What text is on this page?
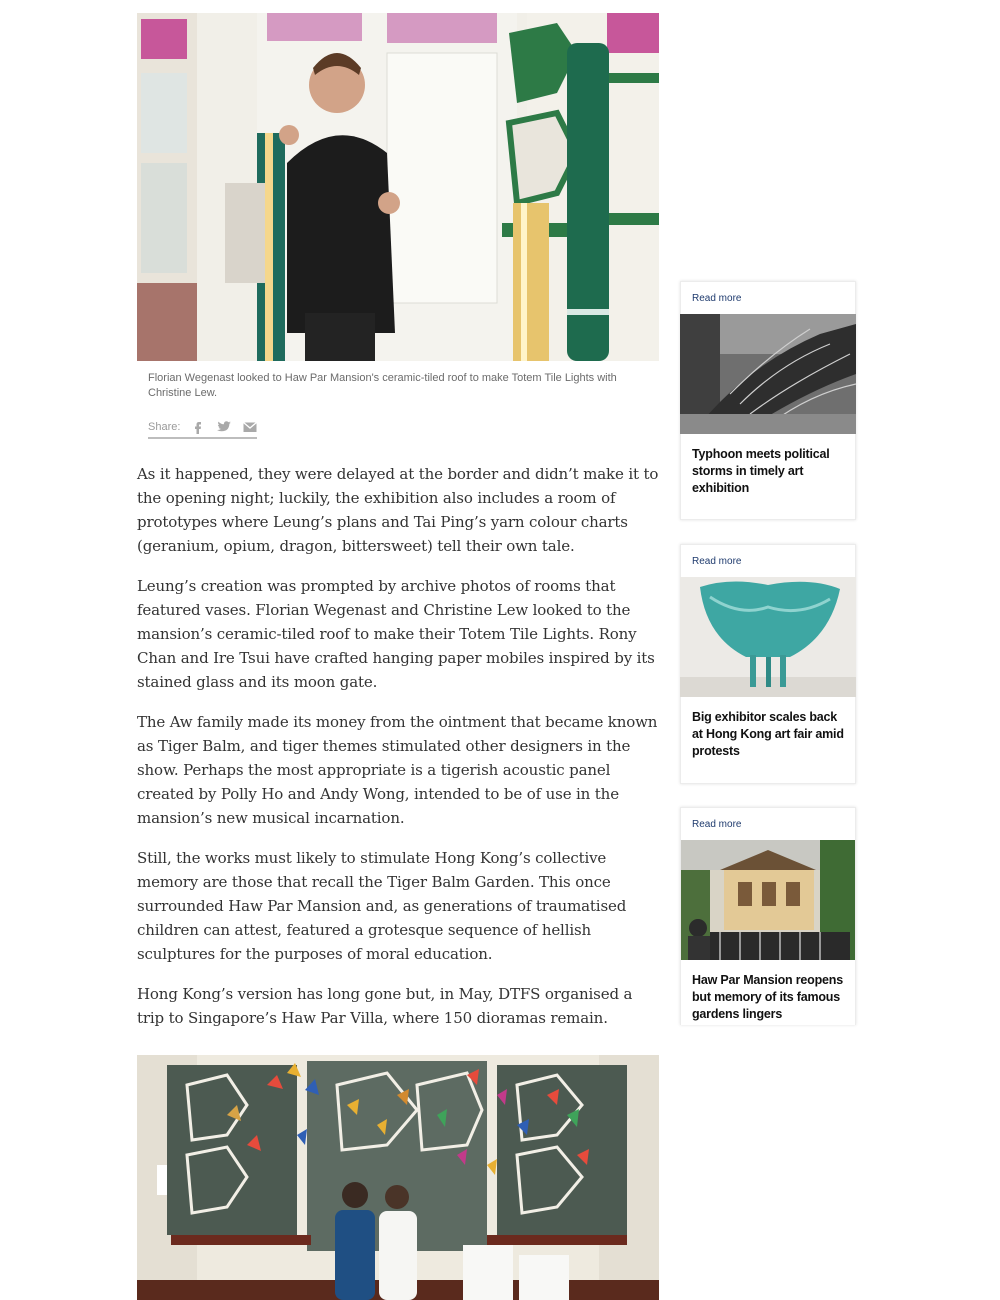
Florian Wegenast looked to Haw Par Mansion's ceramic-tiled roof to make Totem Tile Lights with Christine Lew.
Share:

As it happened, they were delayed at the border and didn’t make it to the opening night; luckily, the exhibition also includes a room of prototypes where Leung’s plans and Tai Ping’s yarn colour charts (geranium, opium, dragon, bittersweet) tell their own tale.

Leung’s creation was prompted by archive photos of rooms that featured vases. Florian Wegenast and Christine Lew looked to the mansion’s ceramic-tiled roof to make their Totem Tile Lights. Rony Chan and Ire Tsui have crafted hanging paper mobiles inspired by its stained glass and its moon gate.

The Aw family made its money from the ointment that became known as Tiger Balm, and tiger themes stimulated other designers in the show. Perhaps the most appropriate is a tigerish acoustic panel created by Polly Ho and Andy Wong, intended to be of use in the mansion’s new musical incarnation.

Still, the works must likely to stimulate Hong Kong’s collective memory are those that recall the Tiger Balm Garden. This once surrounded Haw Par Mansion and, as generations of traumatised children can attest, featured a grotesque sequence of hellish sculptures for the purposes of moral education.

Hong Kong’s version has long gone but, in May, DTFS organised a trip to Singapore’s Haw Par Villa, where 150 dioramas remain.

Read more
Typhoon meets political storms in timely art exhibition
Read more
Big exhibitor scales back at Hong Kong art fair amid protests
Read more
Haw Par Mansion reopens but memory of its famous gardens lingers
